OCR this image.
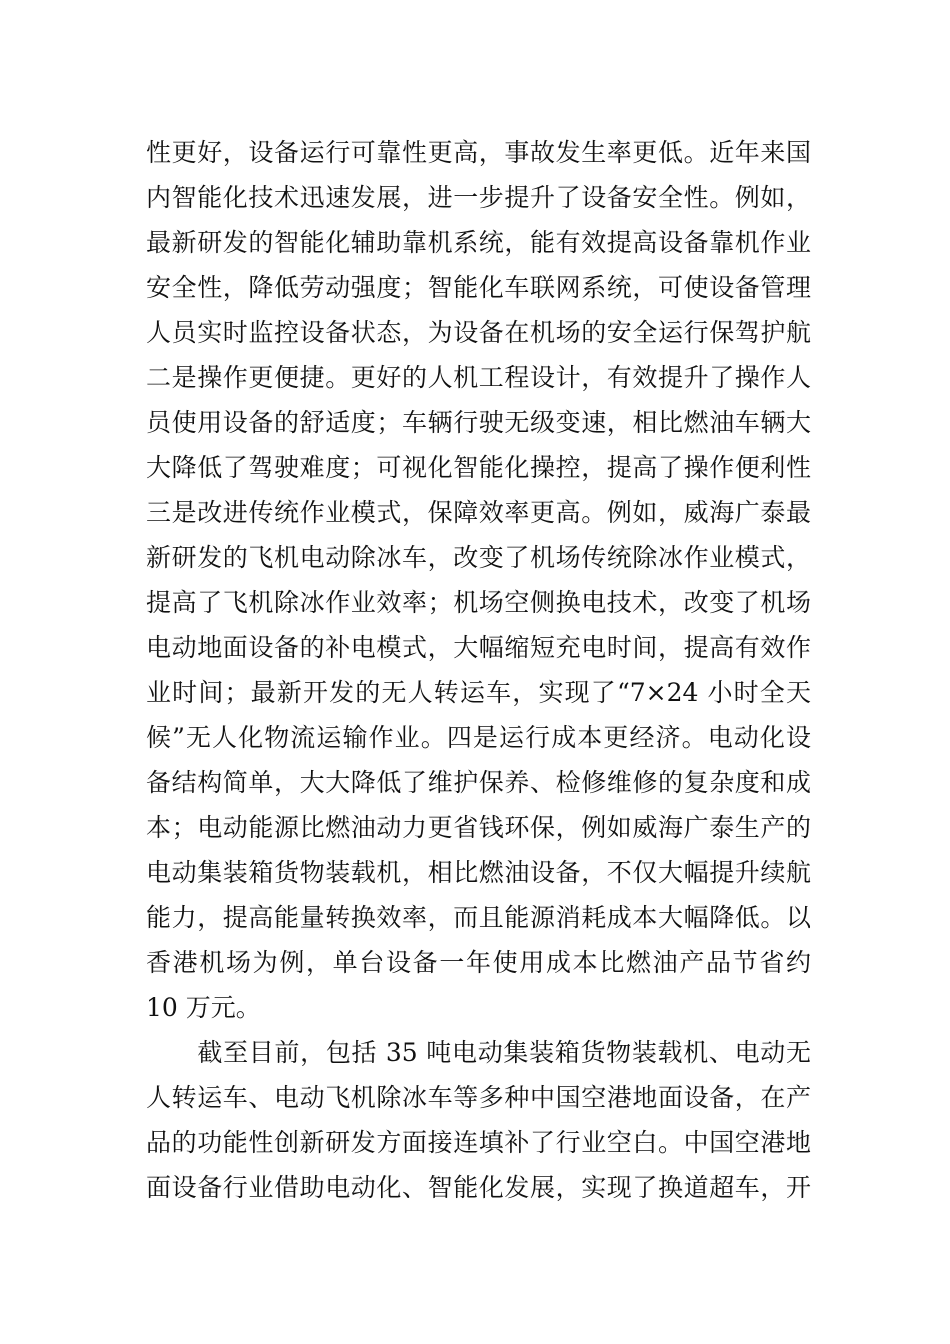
性更好，设备运行可靠性更高，事故发生率更低。近年来国
内智能化技术迅速发展，进一步提升了设备安全性。例如，
最新研发的智能化辅助靠机系统，能有效提高设备靠机作业
安全性，降低劳动强度；智能化车联网系统，可使设备管理
人员实时监控设备状态，为设备在机场的安全运行保驾护航
二是操作更便捷。更好的人机工程设计，有效提升了操作人
员使用设备的舒适度；车辆行驶无级变速，相比燃油车辆大
大降低了驾驶难度；可视化智能化操控，提高了操作便利性
三是改进传统作业模式，保障效率更高。例如，威海广泰最
新研发的飞机电动除冰车，改变了机场传统除冰作业模式，
提高了飞机除冰作业效率；机场空侧换电技术，改变了机场
电动地面设备的补电模式，大幅缩短充电时间，提高有效作
业时间；最新开发的无人转运车，实现了“7×24 小时全天
候”无人化物流运输作业。四是运行成本更经济。电动化设
备结构简单，大大降低了维护保养、检修维修的复杂度和成
本；电动能源比燃油动力更省钱环保，例如威海广泰生产的
电动集装箱货物装载机，相比燃油设备，不仅大幅提升续航
能力，提高能量转换效率，而且能源消耗成本大幅降低。以
香港机场为例，单台设备一年使用成本比燃油产品节省约
10 万元。
　　截至目前，包括 35 吨电动集装箱货物装载机、电动无
人转运车、电动飞机除冰车等多种中国空港地面设备，在产
品的功能性创新研发方面接连填补了行业空白。中国空港地
面设备行业借助电动化、智能化发展，实现了换道超车，开
